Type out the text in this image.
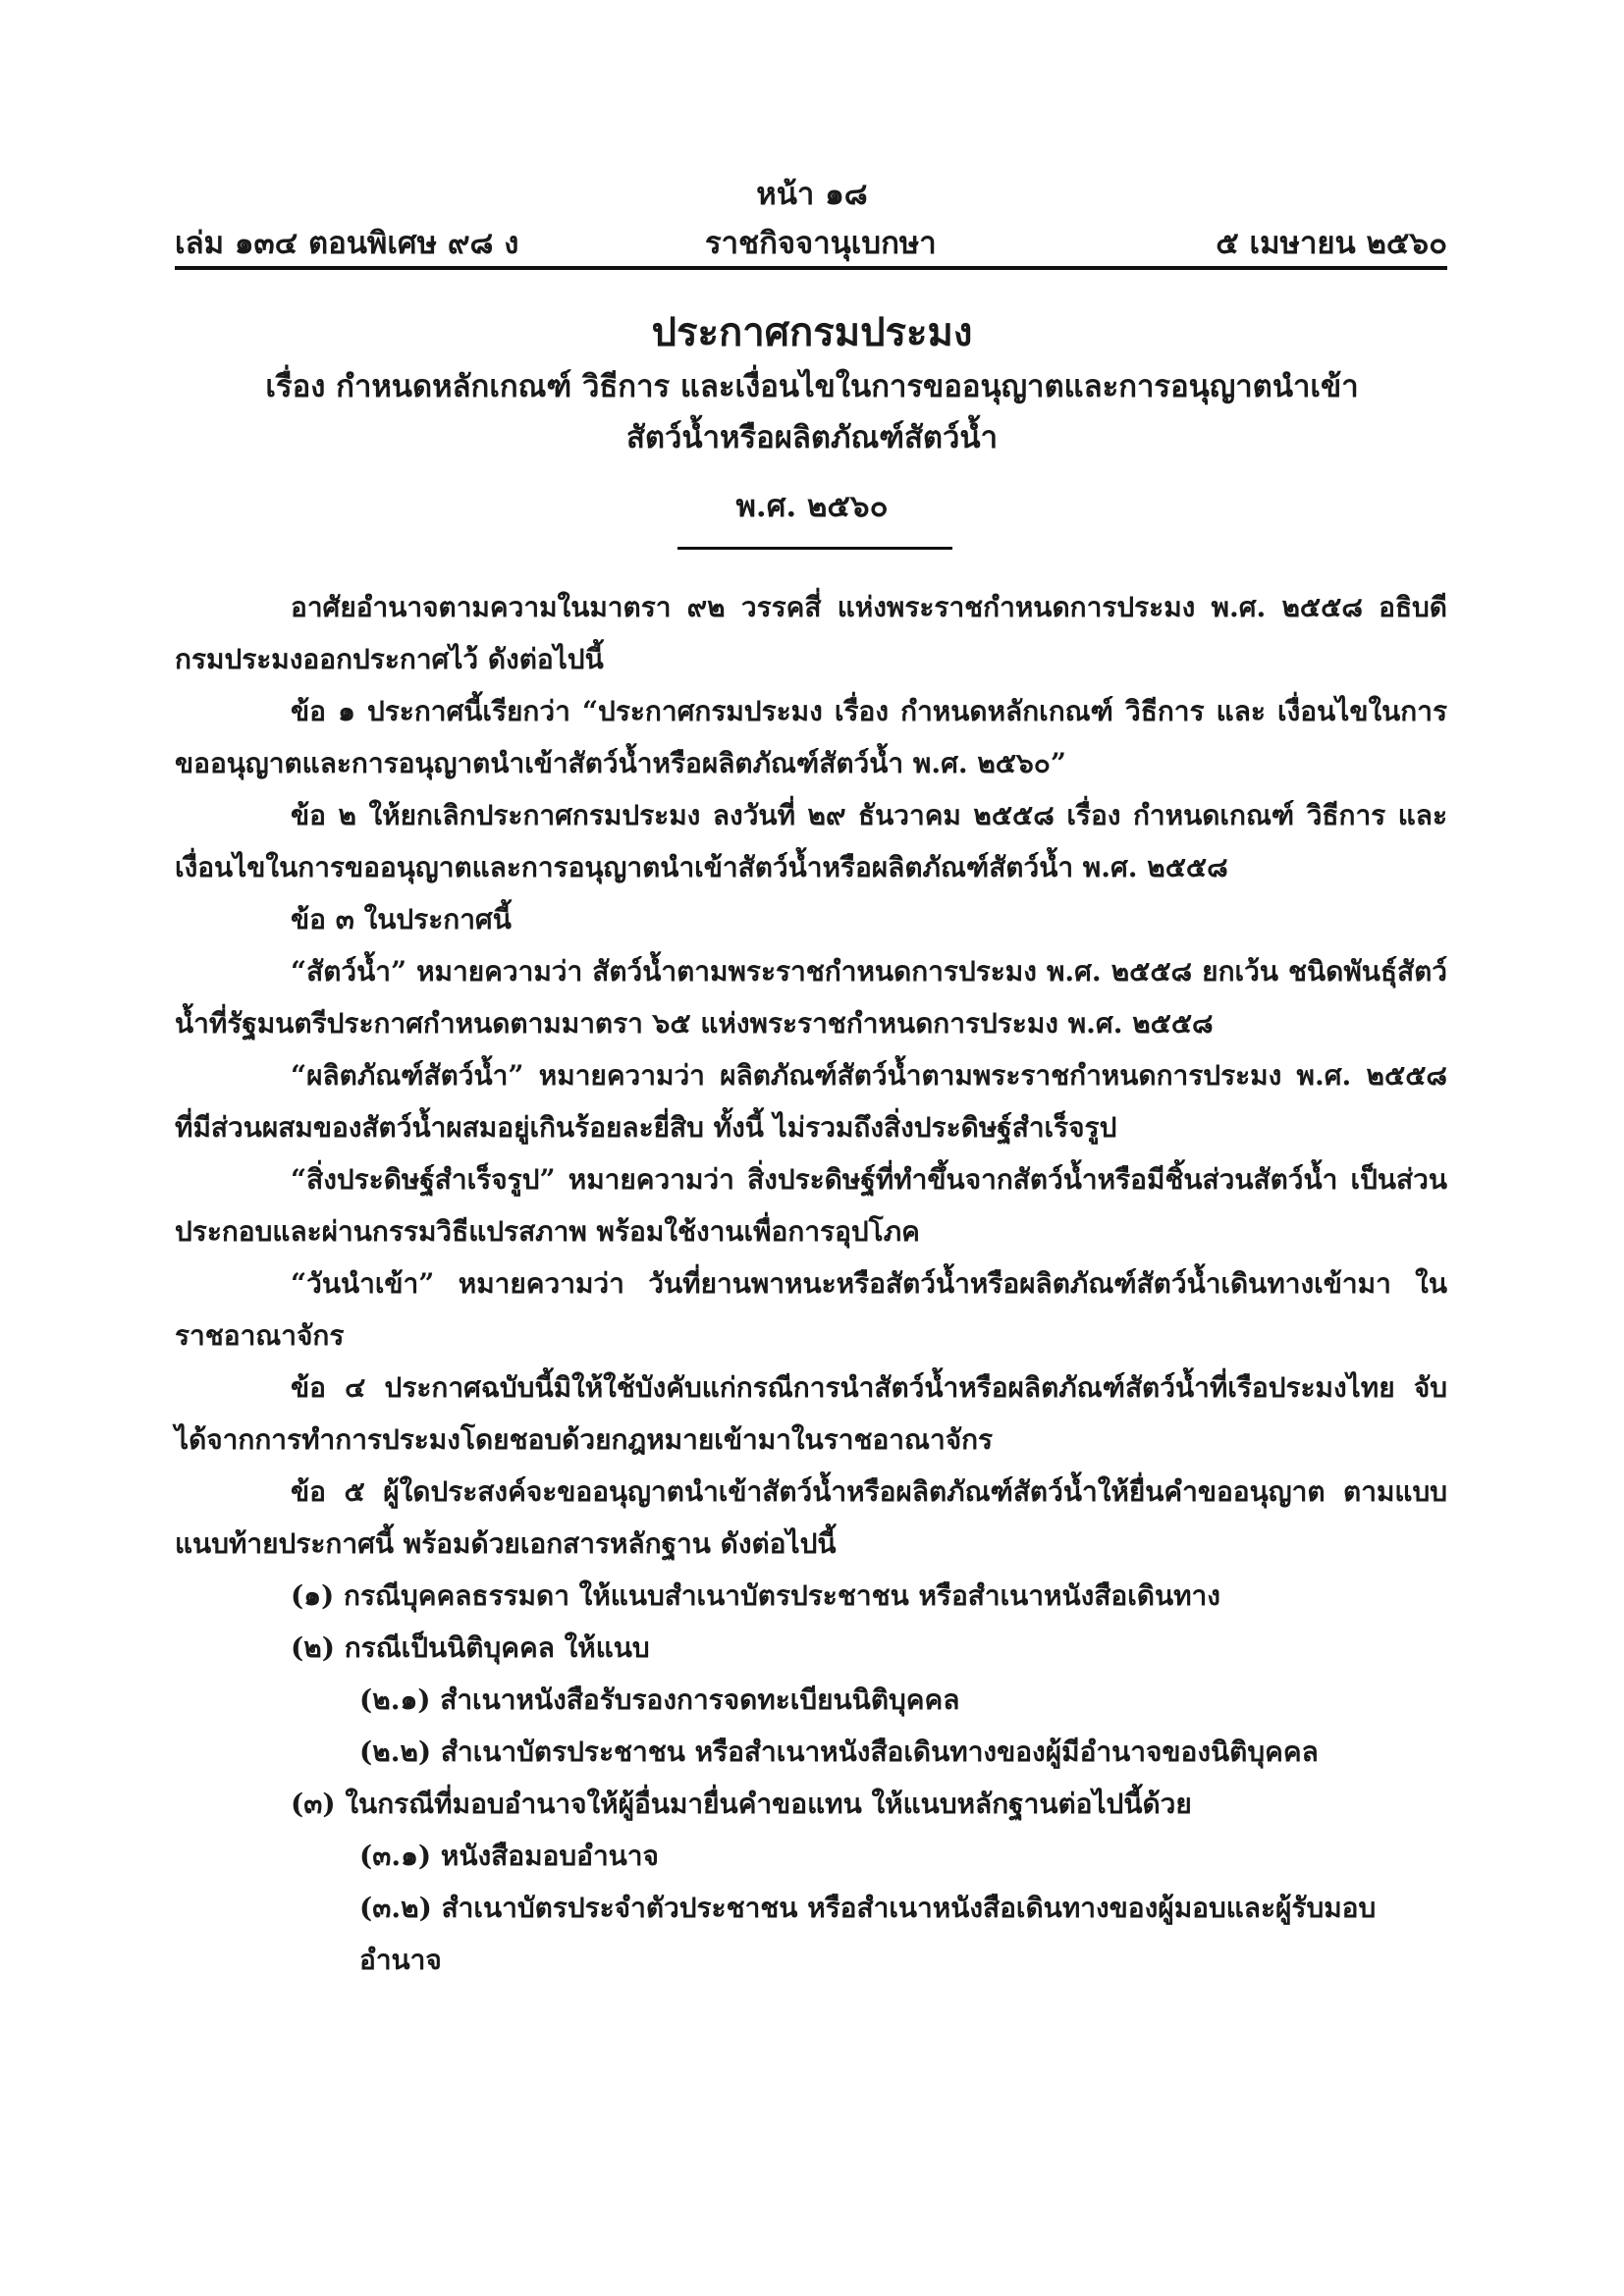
หน้า ๑๘
เล่ม ๑๓๔ ตอนพิเศษ ๙๘ ง	ราชกิจจานุเบกษา	๕ เมษายน ๒๕๖๐
ประกาศกรมประมง
เรื่อง กำหนดหลักเกณฑ์ วิธีการ และเงื่อนไขในการขออนุญาตและการอนุญาตนำเข้า
สัตว์น้ำหรือผลิตภัณฑ์สัตว์น้ำ
พ.ศ. ๒๕๖๐

อาศัยอำนาจตามความในมาตรา ๙๒ วรรคสี่ แห่งพระราชกำหนดการประมง พ.ศ. ๒๕๕๘ อธิบดีกรมประมงออกประกาศไว้ ดังต่อไปนี้

ข้อ ๑ ประกาศนี้เรียกว่า “ประกาศกรมประมง เรื่อง กำหนดหลักเกณฑ์ วิธีการ และ เงื่อนไขในการขออนุญาตและการอนุญาตนำเข้าสัตว์น้ำหรือผลิตภัณฑ์สัตว์น้ำ พ.ศ. ๒๕๖๐”

ข้อ ๒ ให้ยกเลิกประกาศกรมประมง ลงวันที่ ๒๙ ธันวาคม ๒๕๕๘ เรื่อง กำหนดเกณฑ์ วิธีการ และเงื่อนไขในการขออนุญาตและการอนุญาตนำเข้าสัตว์น้ำหรือผลิตภัณฑ์สัตว์น้ำ พ.ศ. ๒๕๕๘

ข้อ ๓ ในประกาศนี้

“สัตว์น้ำ” หมายความว่า สัตว์น้ำตามพระราชกำหนดการประมง พ.ศ. ๒๕๕๘ ยกเว้น ชนิดพันธุ์สัตว์น้ำที่รัฐมนตรีประกาศกำหนดตามมาตรา ๖๕ แห่งพระราชกำหนดการประมง พ.ศ. ๒๕๕๘

“ผลิตภัณฑ์สัตว์น้ำ” หมายความว่า ผลิตภัณฑ์สัตว์น้ำตามพระราชกำหนดการประมง พ.ศ. ๒๕๕๘ ที่มีส่วนผสมของสัตว์น้ำผสมอยู่เกินร้อยละยี่สิบ ทั้งนี้ ไม่รวมถึงสิ่งประดิษฐ์สำเร็จรูป

“สิ่งประดิษฐ์สำเร็จรูป” หมายความว่า สิ่งประดิษฐ์ที่ทำขึ้นจากสัตว์น้ำหรือมีชิ้นส่วนสัตว์น้ำ เป็นส่วนประกอบและผ่านกรรมวิธีแปรสภาพ พร้อมใช้งานเพื่อการอุปโภค

“วันนำเข้า” หมายความว่า วันที่ยานพาหนะหรือสัตว์น้ำหรือผลิตภัณฑ์สัตว์น้ำเดินทางเข้ามา ในราชอาณาจักร

ข้อ ๔ ประกาศฉบับนี้มิให้ใช้บังคับแก่กรณีการนำสัตว์น้ำหรือผลิตภัณฑ์สัตว์น้ำที่เรือประมงไทย จับได้จากการทำการประมงโดยชอบด้วยกฎหมายเข้ามาในราชอาณาจักร

ข้อ ๕ ผู้ใดประสงค์จะขออนุญาตนำเข้าสัตว์น้ำหรือผลิตภัณฑ์สัตว์น้ำให้ยื่นคำขออนุญาต ตามแบบแนบท้ายประกาศนี้ พร้อมด้วยเอกสารหลักฐาน ดังต่อไปนี้

(๑) กรณีบุคคลธรรมดา ให้แนบสำเนาบัตรประชาชน หรือสำเนาหนังสือเดินทาง

(๒) กรณีเป็นนิติบุคคล ให้แนบ

(๒.๑) สำเนาหนังสือรับรองการจดทะเบียนนิติบุคคล

(๒.๒) สำเนาบัตรประชาชน หรือสำเนาหนังสือเดินทางของผู้มีอำนาจของนิติบุคคล

(๓) ในกรณีที่มอบอำนาจให้ผู้อื่นมายื่นคำขอแทน ให้แนบหลักฐานต่อไปนี้ด้วย

(๓.๑) หนังสือมอบอำนาจ

(๓.๒) สำเนาบัตรประจำตัวประชาชน หรือสำเนาหนังสือเดินทางของผู้มอบและผู้รับมอบอำนาจ
